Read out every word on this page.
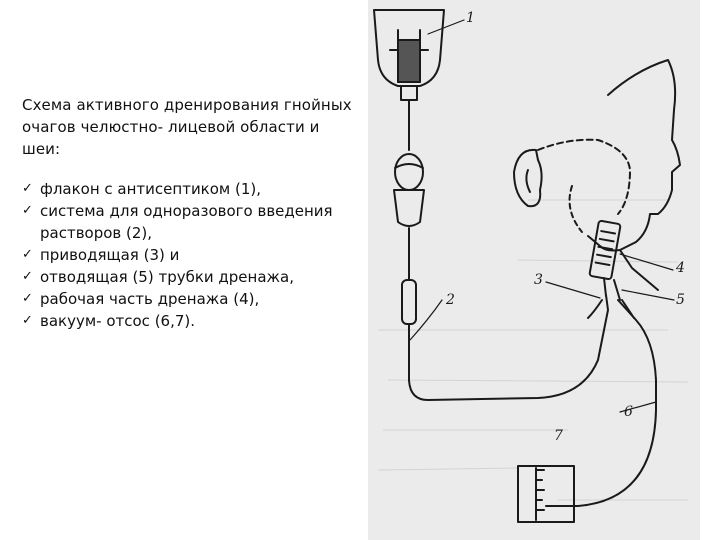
Схема активного дренирования гнойных очагов челюстно- лицевой области и шеи:

✓ флакон с антисептиком (1),
✓ система для одноразового введения растворов (2),
✓ приводящая (3) и
✓ отводящая (5) трубки дренажа,
✓ рабочая часть дренажа (4),
✓ вакуум- отсос (6,7).
1
2
3
4
5
6
7
